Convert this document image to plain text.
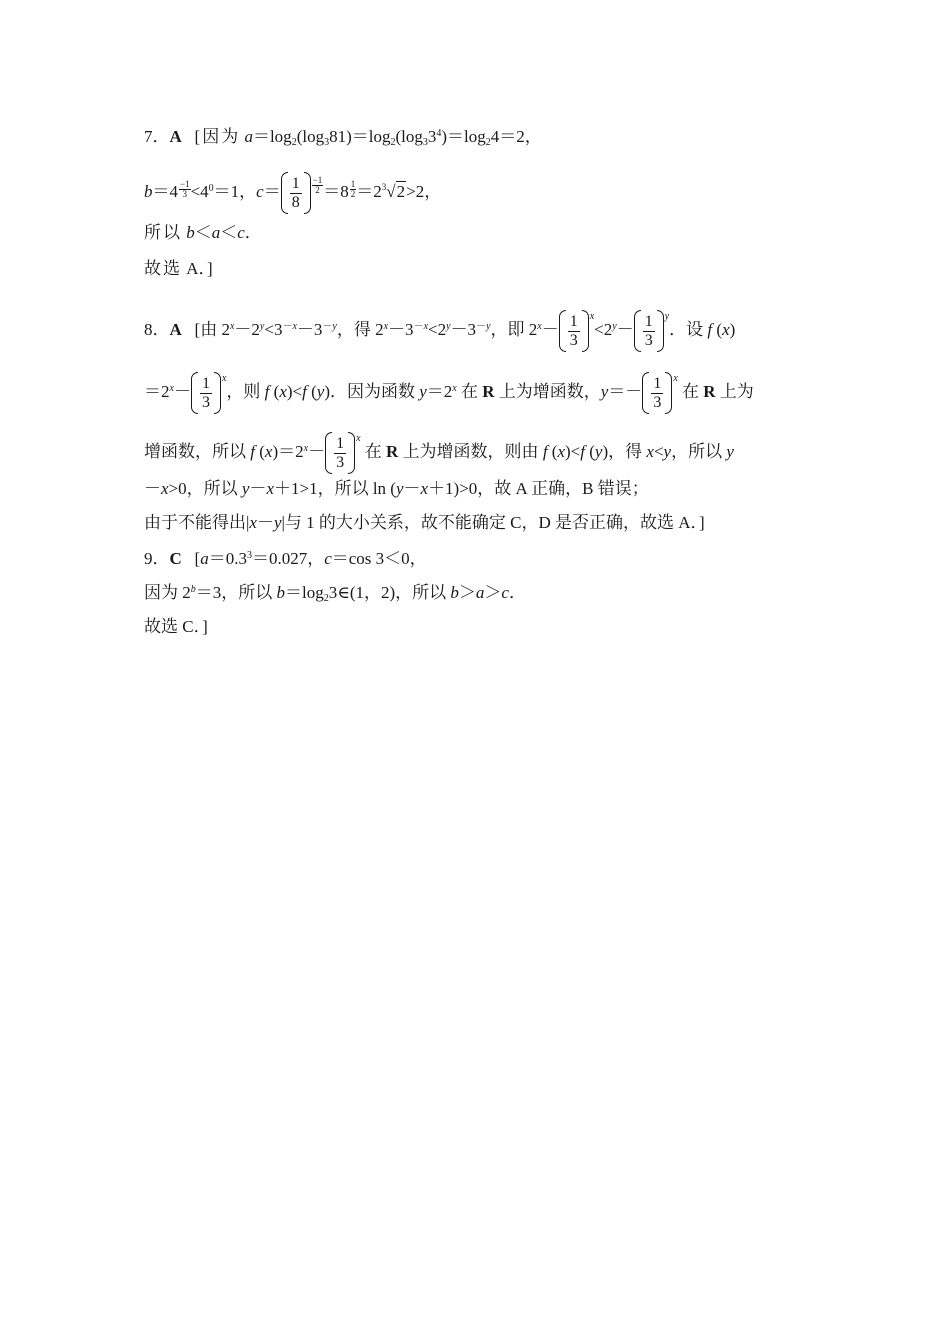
7．A [因为 $a=\log_2(\log_381)=\log_2(\log_33^4)=\log_24=2$，
$b=4 \frac{-1}{3} <4^0=1$，$c= \frac{1}{8} \frac{-1}{2} =8 \frac{1}{2} =2^3√2>2$，
所以 b＜a＜c．
故选 A．]
8．A   [由 $2^x-2^y<3^{-x}-3^{-y}$，得 $2^x-3^{-x}<2^y-3^{-y}$，即 $2^x- \frac{1}{3} ^x<2^y- \frac{1}{3} ^y$．设 f (x)
$=2^x- \frac{1}{3} ^x$，则 f (x)<f (y)．因为函数 $y=2^x$ 在 R 上为增函数，$y=- \frac{1}{3} ^x$ 在 R 上为
增函数，所以 f $(x)=2^x- \frac{1}{3} ^x$ 在 R 上为增函数，则由 f (x)<f (y)，得 x<y，所以 y
－x>0，所以 y－x＋1>1，所以 ln (y－x＋1)>0，故 A 正确，B 错误；
由于不能得出|x－y|与 1 的大小关系，故不能确定 C，D 是否正确，故选 A．]
9．C   [$a=0.3^3=0.027$，c＝cos 3＜0，
因为 $2^b=3$，所以 $b=\log_23\in(1$，2)，所以 b＞a＞c．
故选 C．]
